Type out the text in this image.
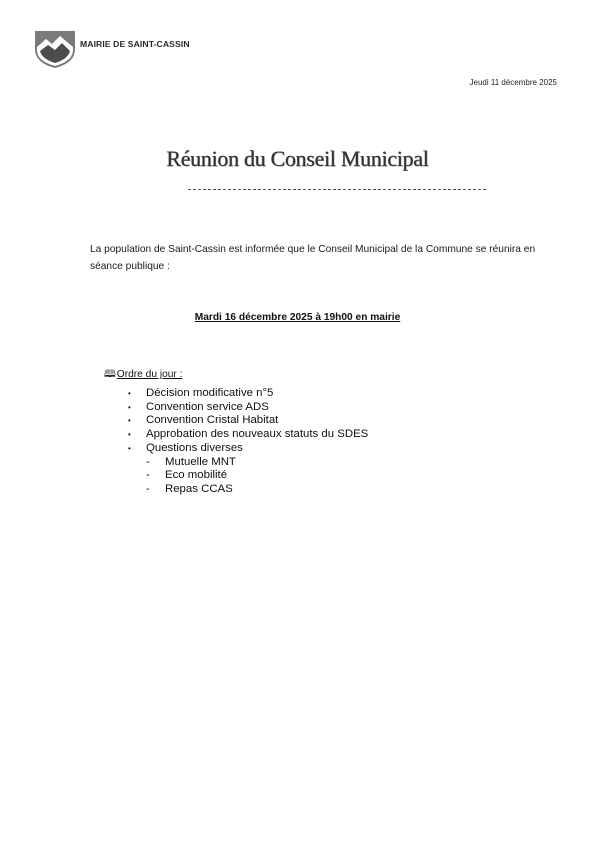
MAIRIE DE SAINT-CASSIN
Jeudi 11 décembre 2025
Réunion du Conseil Municipal
La population de Saint-Cassin est informée que le Conseil Municipal de la Commune se réunira en séance publique :
Mardi 16 décembre 2025 à 19h00 en mairie
🕮Ordre du jour :
• Décision modificative n°5
• Convention service ADS
• Convention Cristal Habitat
• Approbation des nouveaux statuts du SDES
• Questions diverses
- Mutuelle MNT
- Eco mobilité
- Repas CCAS
